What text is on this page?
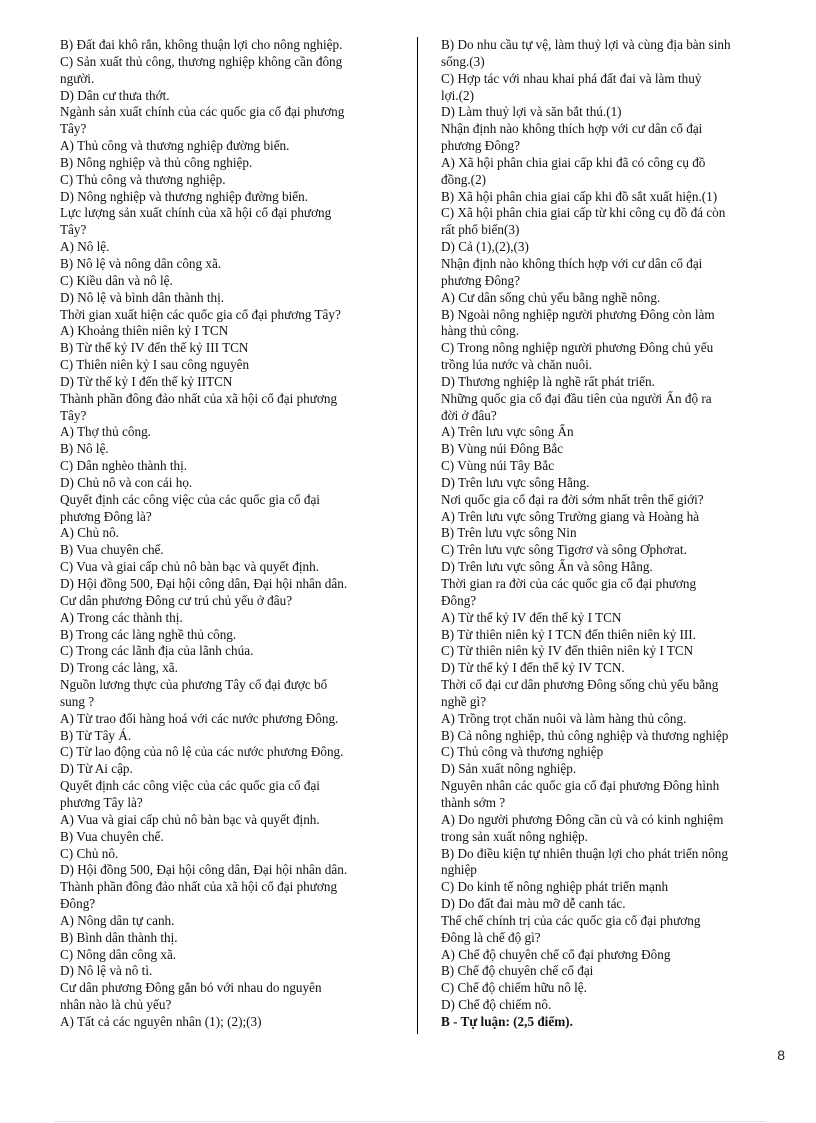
B) Đất đai khô rắn, không thuận lợi cho nông nghiệp.
C) Sản xuất thủ công, thương nghiệp không cần đông
người.
D) Dân cư thưa thớt.
Ngành sản xuất chính của các quốc gia cổ đại phương
Tây?
A) Thủ công và thương nghiệp đường biển.
B) Nông nghiệp và thủ công nghiệp.
C) Thủ công và thương nghiệp.
D) Nông nghiệp và thương nghiệp đường biển.
Lực lượng sản xuất chính của xã hội cổ đại phương
Tây?
A) Nô lệ.
B) Nô lệ và nông dân công xã.
C) Kiều dân và nô lệ.
D) Nô lệ và bình dân thành thị.
Thời gian xuất hiện các quốc gia cổ đại phương Tây?
A) Khoảng thiên niên kỷ I TCN
B) Từ thế kỷ IV đến thế kỷ III TCN
C) Thiên niên kỷ I sau công nguyên
D) Từ thế kỷ I đến thế kỷ IITCN
Thành phần đông đảo nhất của xã hội cổ đại phương
Tây?
A) Thợ thủ công.
B) Nô lệ.
C) Dân nghèo thành thị.
D) Chủ nô và con cái họ.
Quyết định các công việc của các quốc gia cổ đại
phương Đông là?
A) Chủ nô.
B) Vua chuyên chế.
C) Vua và giai cấp chủ nô bàn bạc và quyết định.
D) Hội đồng 500, Đại hội công dân, Đại hội nhân dân.
Cư dân phương Đông cư trú chủ yếu ở đâu?
A) Trong các thành thị.
B) Trong các làng nghề thủ công.
C) Trong các lãnh địa của lãnh chúa.
D) Trong các làng, xã.
Nguồn lương thực của phương Tây cổ đại được bổ
sung ?
A) Từ trao đổi hàng hoá với các nước phương Đông.
B) Từ Tây Á.
C) Từ lao động của nô lệ của các nước phương Đông.
D) Từ Ai cập.
Quyết định các công việc của các quốc gia cổ đại
phương Tây là?
A) Vua và giai cấp chủ nô bàn bạc và quyết định.
B) Vua chuyên chế.
C) Chủ nô.
D) Hội đồng 500, Đại hội công dân, Đại hội nhân dân.
Thành phần đông đảo nhất của xã hội cổ đại phương
Đông?
A) Nông dân tự canh.
B) Bình dân thành thị.
C) Nông dân công xã.
D) Nô lệ và nô tì.
Cư dân phương Đông gắn bó với nhau do nguyên
nhân nào là chủ yếu?
A) Tất cả các nguyên nhân (1); (2);(3)
B) Do nhu cầu tự vệ, làm thuỷ lợi và cùng địa bàn sinh
sống.(3)
C) Hợp tác với nhau khai phá đất đai và làm thuỷ
lợi.(2)
D) Làm thuỷ lợi và săn bắt thú.(1)
Nhận định nào không thích hợp với cư dân cổ đại
phương Đông?
A) Xã hội phân chia giai cấp khi đã có công cụ đồ
đồng.(2)
B) Xã hội phân chia giai cấp khi đồ sắt xuất hiện.(1)
C) Xã hội phân chia giai cấp từ khi công cụ đồ đá còn
rất phổ biến(3)
D) Cả (1),(2),(3)
Nhận định nào không thích hợp với cư dân cổ đại
phương Đông?
A) Cư dân sống chủ yếu bằng nghề nông.
B) Ngoài nông nghiệp người phương Đông còn làm
hàng thủ công.
C) Trong nông nghiệp người phương Đông chủ yếu
trồng lúa nước và chăn nuôi.
D) Thương nghiệp là nghề rất phát triển.
Những quốc gia cổ đại đầu tiên của người Ấn độ ra
đời ở đâu?
A) Trên lưu vực sông Ấn
B) Vùng núi Đông Bắc
C) Vùng núi Tây Bắc
D) Trên lưu vực sông Hằng.
Nơi quốc gia cổ đại ra đời sớm nhất trên thế giới?
A) Trên lưu vực sông Trường giang và Hoàng hà
B) Trên lưu vực sông Nin
C) Trên lưu vực sông Tigơrơ và sông Ơphơrat.
D) Trên lưu vực sông Ấn và sông Hằng.
Thời gian ra đời của các quốc gia cổ đại phương
Đông?
A) Từ thế kỷ IV đến thế kỷ I TCN
B) Từ thiên niên kỷ I TCN đến thiên niên kỷ III.
C) Từ thiên niên kỷ IV đến thiên niên kỷ I TCN
D) Từ thế kỷ I đến thế kỷ IV TCN.
Thời cổ đại cư dân phương Đông sống chủ yếu bằng
nghề gì?
A) Trồng trọt chăn nuôi và làm hàng thủ công.
B) Cả nông nghiệp, thủ công nghiệp và thương nghiệp
C) Thủ công và thương nghiệp
D) Sản xuất nông nghiệp.
Nguyên nhân các quốc gia cổ đại phương Đông hình
thành sớm ?
A) Do người phương Đông cần cù và có kinh nghiệm
trong sản xuất nông nghiệp.
B) Do điều kiện tự nhiên thuận lợi cho phát triển nông
nghiệp
C) Do kinh tế nông nghiệp phát triển mạnh
D) Do đất đai màu mỡ dễ canh tác.
Thể chế chính trị của các quốc gia cổ đại phương
Đông là chế độ gì?
A) Chế độ chuyên chế cổ đại phương Đông
B) Chế độ chuyên chế cổ đại
C) Chế độ chiếm hữu nô lệ.
D) Chế độ chiếm nô.
B - Tự luận: (2,5 điểm).
8
